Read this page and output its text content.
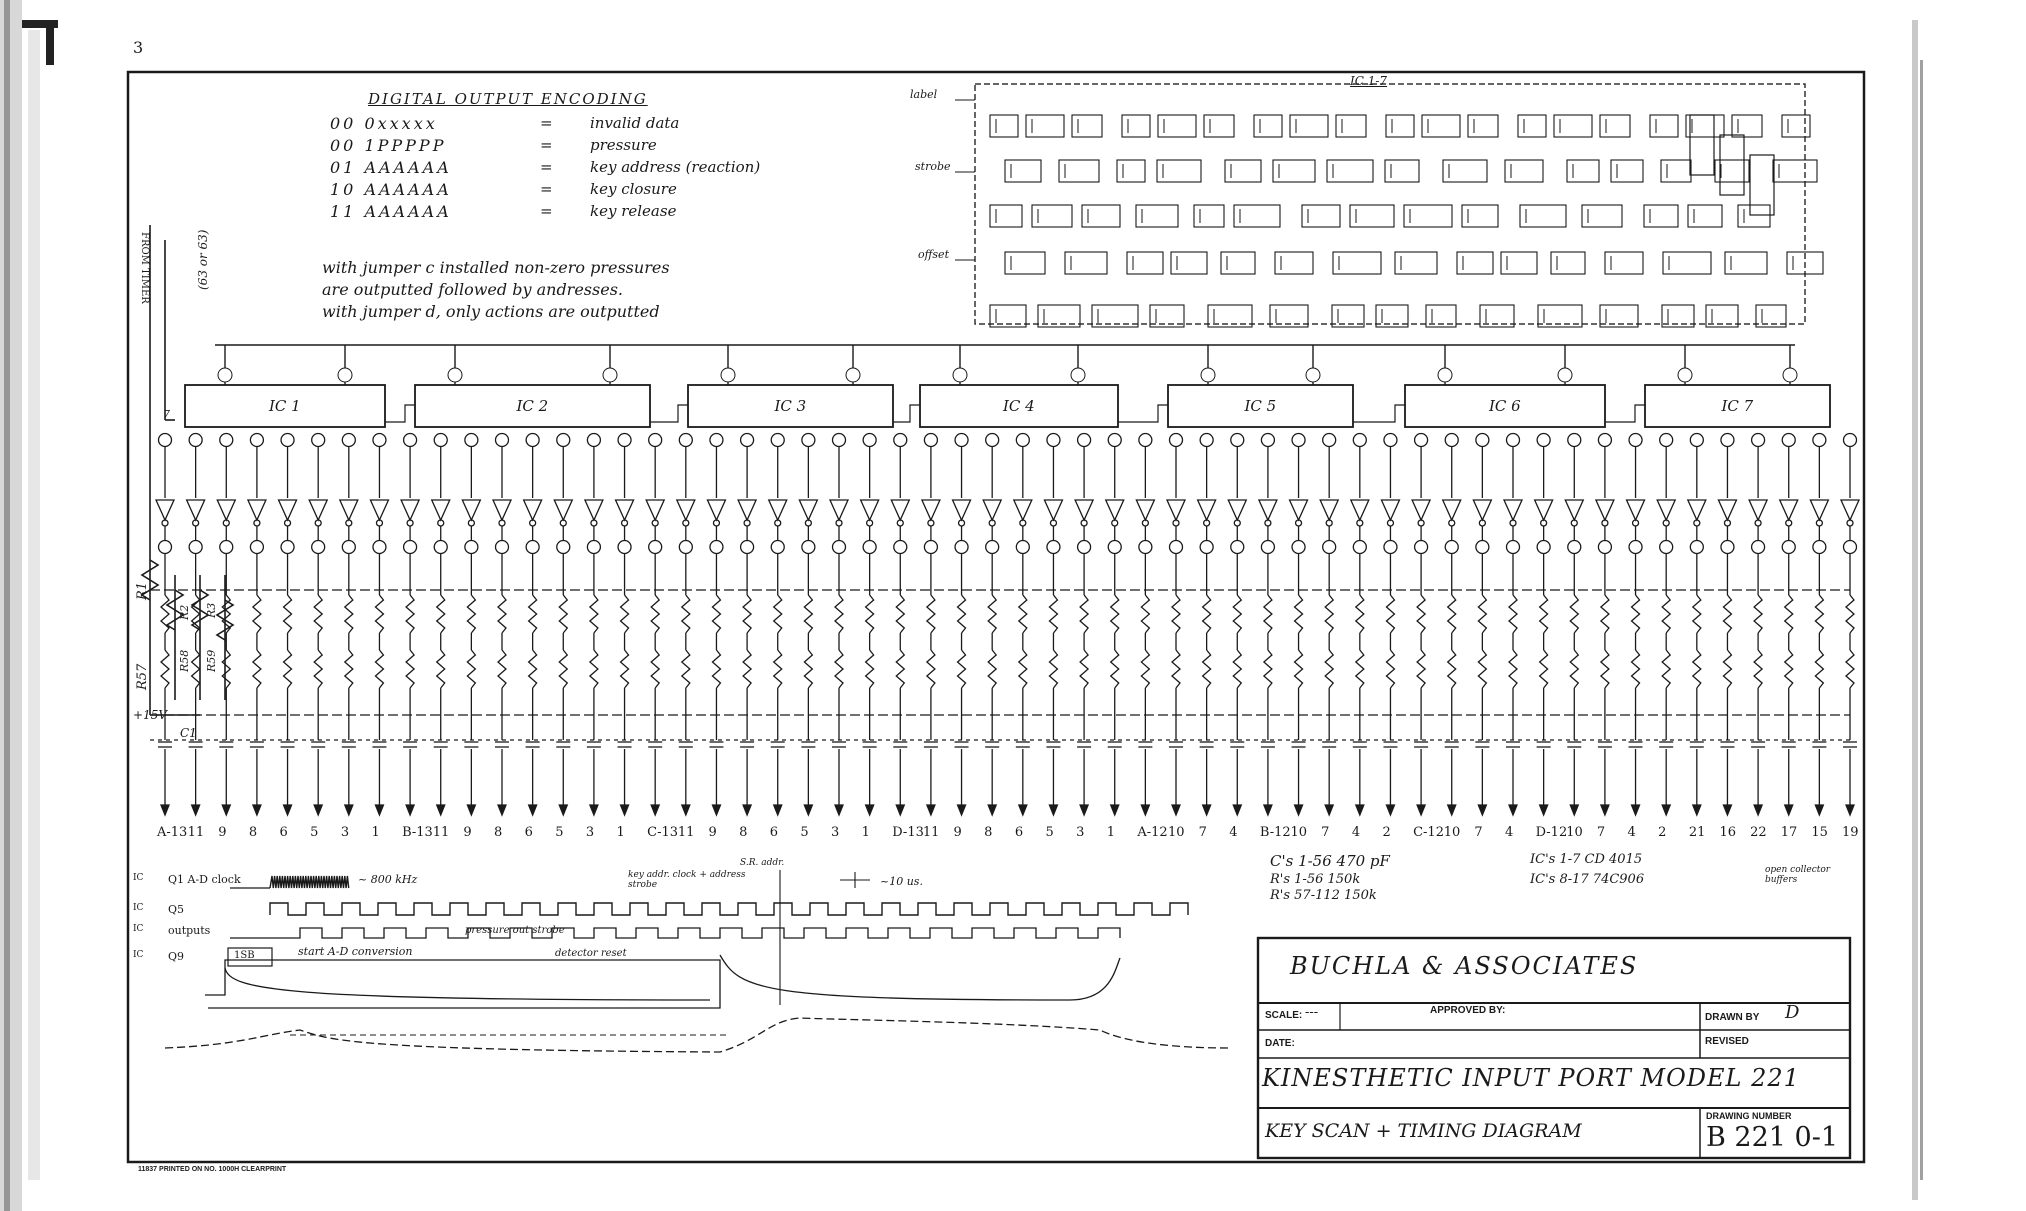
DIGITAL OUTPUT ENCODING
00 0xxxxx	= invalid data
00 1PPPPP	= pressure
01 AAAAAA	= key address (reaction)
10 AAAAAA	= key closure
11 AAAAAA	= key release
with jumper c installed non-zero pressures
are outputted followed by andresses.
with jumper d, only actions are outputted
FROM TIMER	(63 or 63)
R1
R57
+15V
C1
R2
R58
R3
R59
7
IC 1-7
label
strobe
offset
IC 1	IC 2	IC 3	IC 4	IC 5	IC 6	IC 7
A-13 11 9 8 6 5 3 1 B-13 11 9 8 6 5 3 1 C-13 11 9 8 6 5 3 1 D-13 11 9 8 6 5 3 1 A-12 10 7 4 B-12 10 7 4 2 C-12 10 7 4 D-12 10 7 4 2 21 16 22 17 15 19
Q1 A-D clock	~ 800 kHz
Q5
outputs
Q9	1SB	start A-D conversion
pressure out strobe
detector reset
key addr. clock + address strobe
S.R. addr.
~10 us.
IC
IC
IC
IC
C's 1-56 470 pF
R's 1-56 150k
R's 57-112 150k
IC's 1-7 CD 4015
IC's 8-17 74C906
open collector buffers
BUCHLA & ASSOCIATES
SCALE: ---	APPROVED BY:
DRAWN BY D
DATE:	REVISED
KINESTHETIC INPUT PORT MODEL 221
KEY SCAN + TIMING DIAGRAM
DRAWING NUMBER
B 221 0-1
11837 PRINTED ON NO. 1000H CLEARPRINT
3
